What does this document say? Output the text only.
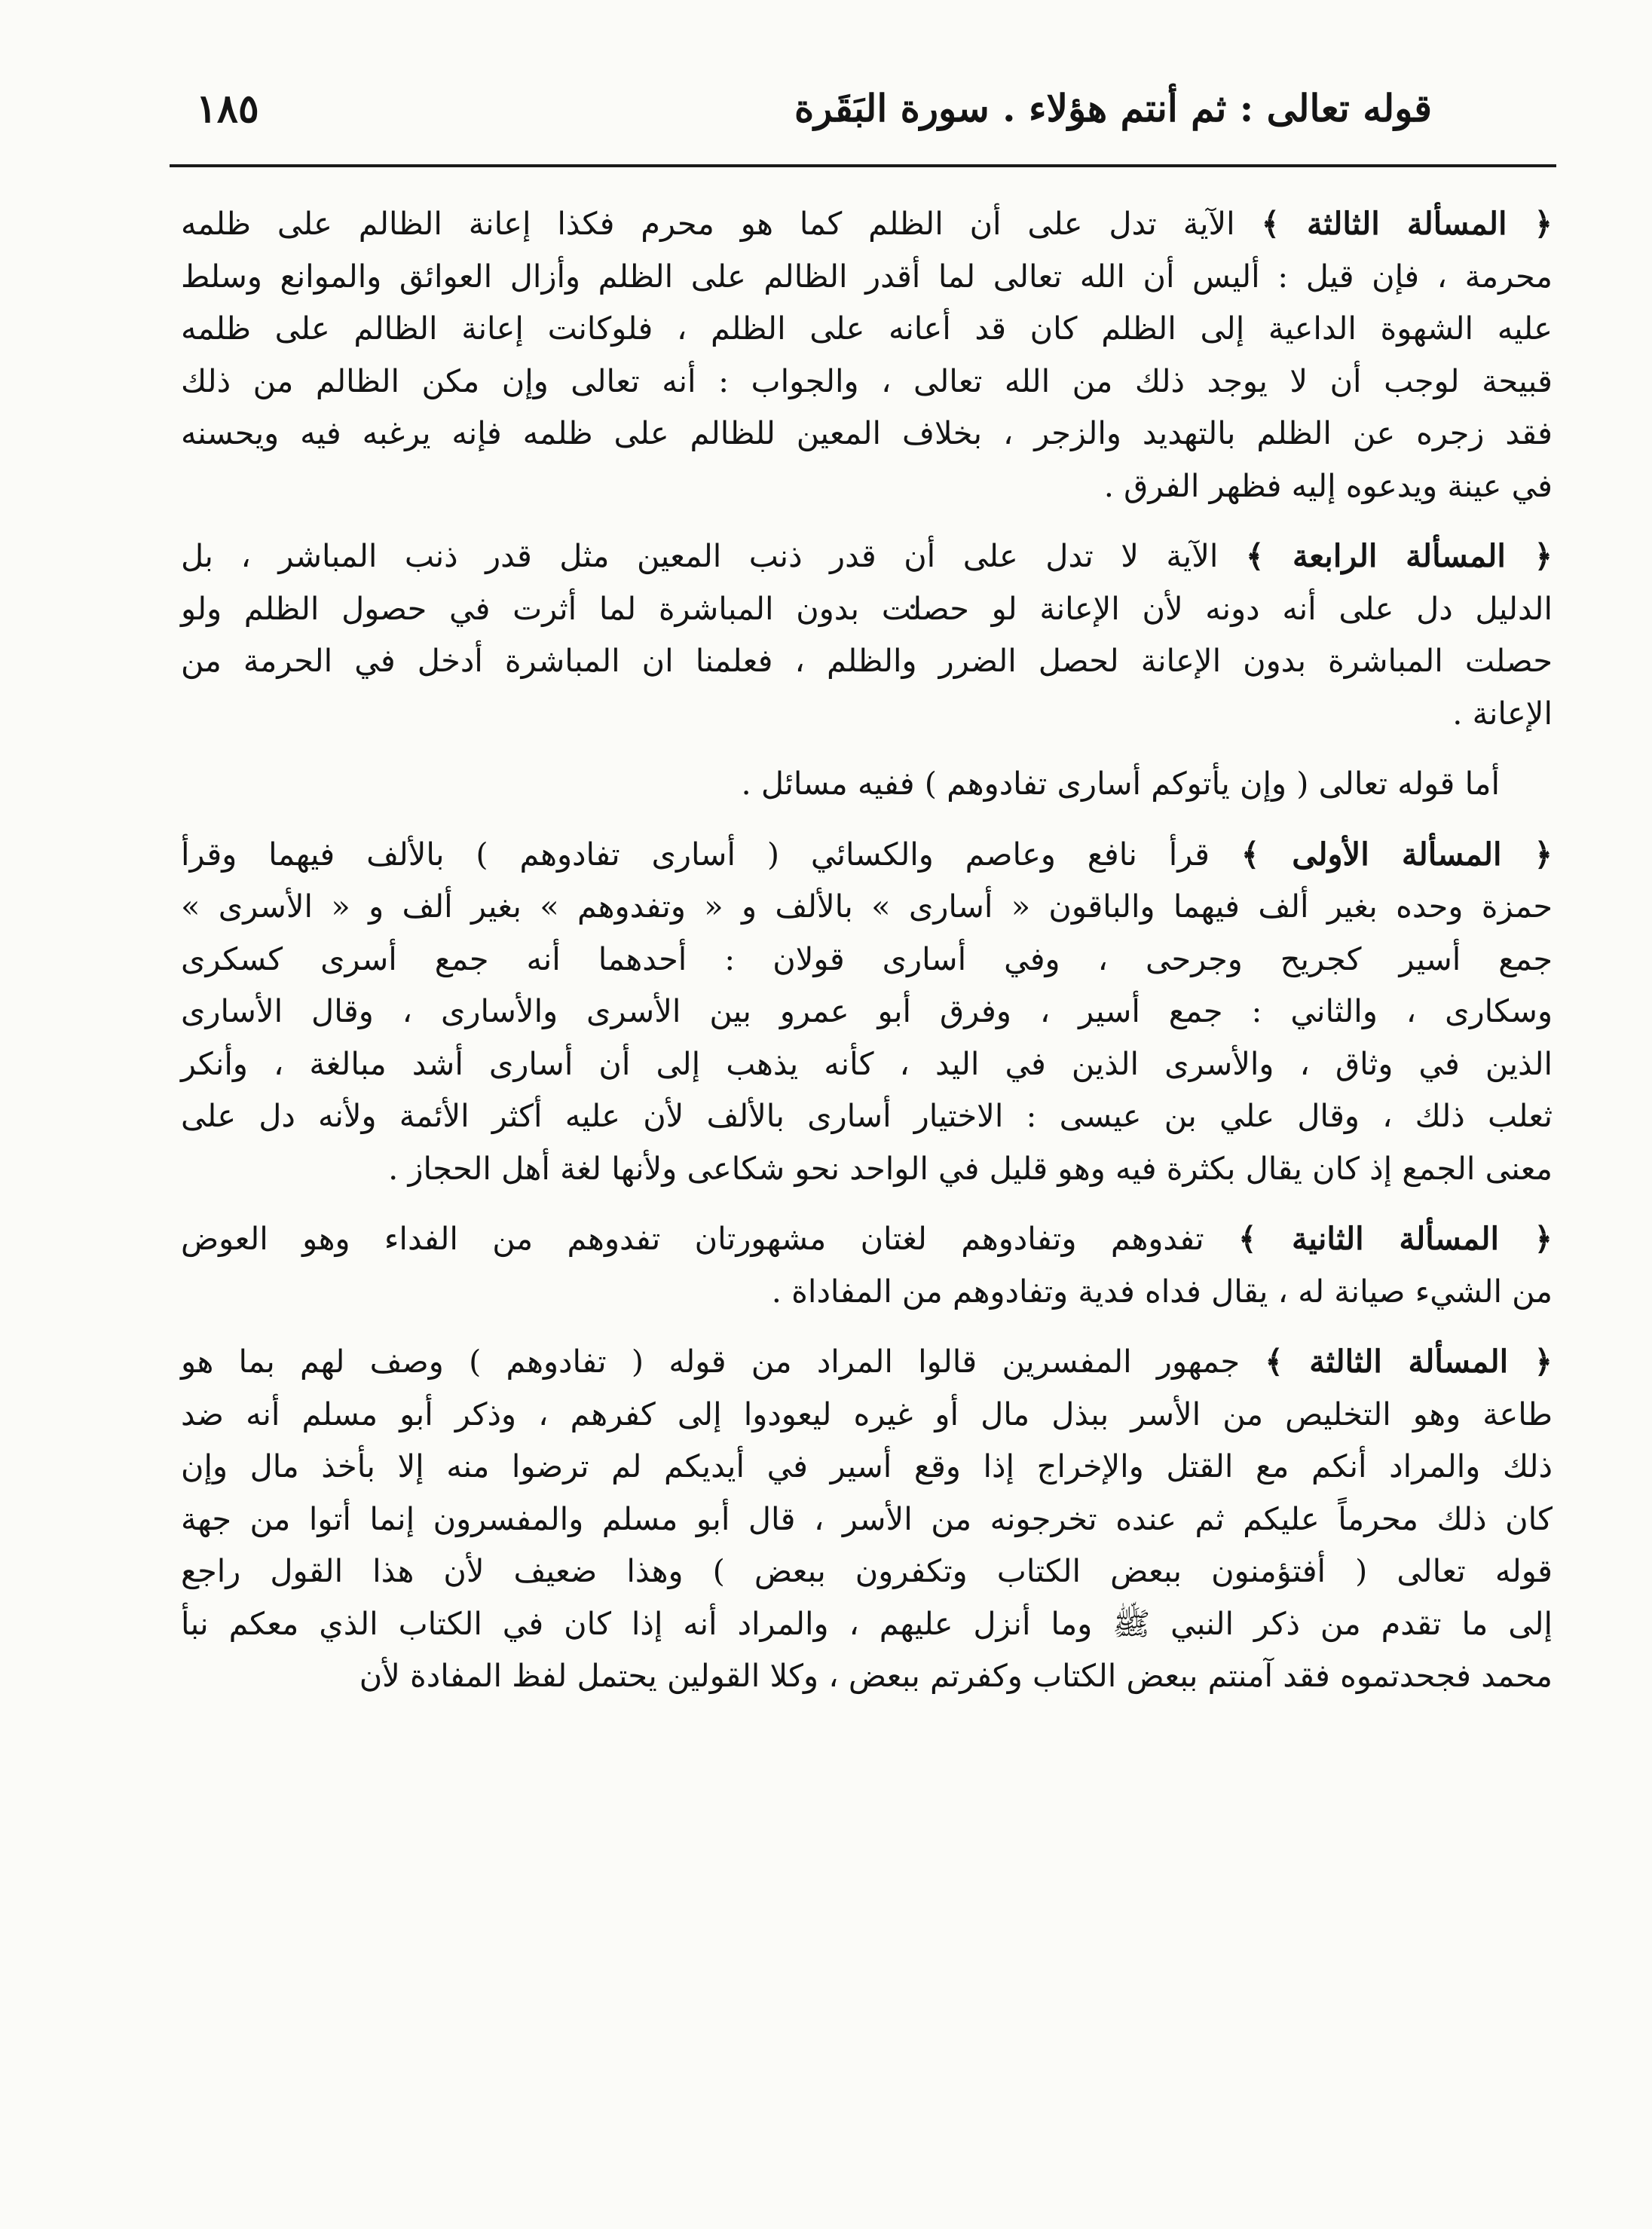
قوله تعالى : ثم أنتم هؤلاء . سورة البَقَرة
١٨٥
﴿ المسألة الثالثة ﴾ الآية تدل على أن الظلم كما هو محرم فكذا إعانة الظالم على ظلمه
محرمة ، فإن قيل : أليس أن الله تعالى لما أقدر الظالم على الظلم وأزال العوائق والموانع وسلط
عليه الشهوة الداعية إلى الظلم كان قد أعانه على الظلم ، فلوكانت إعانة الظالم على ظلمه
قبيحة لوجب أن لا يوجد ذلك من الله تعالى ، والجواب : أنه تعالى وإن مكن الظالم من ذلك
فقد زجره عن الظلم بالتهديد والزجر ، بخلاف المعين للظالم على ظلمه فإنه يرغبه فيه ويحسنه
في عينة ويدعوه إليه فظهر الفرق .
﴿ المسألة الرابعة ﴾ الآية لا تدل على أن قدر ذنب المعين مثل قدر ذنب المباشر ، بل
الدليل دل على أنه دونه لأن الإعانة لو حصلت بدون المباشرة لما أثرت في حصول الظلم ولو
حصلت المباشرة بدون الإعانة لحصل الضرر والظلم ، فعلمنا ان المباشرة أدخل في الحرمة من
الإعانة .
أما قوله تعالى ( وإن يأتوكم أسارى تفادوهم ) ففيه مسائل .
﴿ المسألة الأولى ﴾ قرأ نافع وعاصم والكسائي ( أسارى تفادوهم ) بالألف فيهما وقرأ
حمزة وحده بغير ألف فيهما والباقون « أسارى » بالألف و « وتفدوهم » بغير ألف و « الأسرى »
جمع أسير كجريح وجرحى ، وفي أسارى قولان : أحدهما أنه جمع أسرى كسكرى
وسكارى ، والثاني : جمع أسير ، وفرق أبو عمرو بين الأسرى والأسارى ، وقال الأسارى
الذين في وثاق ، والأسرى الذين في اليد ، كأنه يذهب إلى أن أسارى أشد مبالغة ، وأنكر
ثعلب ذلك ، وقال علي بن عيسى : الاختيار أسارى بالألف لأن عليه أكثر الأئمة ولأنه دل على
معنى الجمع إذ كان يقال بكثرة فيه وهو قليل في الواحد نحو شكاعى ولأنها لغة أهل الحجاز .
﴿ المسألة الثانية ﴾ تفدوهم وتفادوهم لغتان مشهورتان تفدوهم من الفداء وهو العوض
من الشيء صيانة له ، يقال فداه فدية وتفادوهم من المفاداة .
﴿ المسألة الثالثة ﴾ جمهور المفسرين قالوا المراد من قوله ( تفادوهم ) وصف لهم بما هو
طاعة وهو التخليص من الأسر ببذل مال أو غيره ليعودوا إلى كفرهم ، وذكر أبو مسلم أنه ضد
ذلك والمراد أنكم مع القتل والإخراج إذا وقع أسير في أيديكم لم ترضوا منه إلا بأخذ مال وإن
كان ذلك محرماً عليكم ثم عنده تخرجونه من الأسر ، قال أبو مسلم والمفسرون إنما أتوا من جهة
قوله تعالى ( أفتؤمنون ببعض الكتاب وتكفرون ببعض ) وهذا ضعيف لأن هذا القول راجع
إلى ما تقدم من ذكر النبي ﷺ وما أنزل عليهم ، والمراد أنه إذا كان في الكتاب الذي معكم نبأ
محمد فجحدتموه فقد آمنتم ببعض الكتاب وكفرتم ببعض ، وكلا القولين يحتمل لفظ المفادة لأن
